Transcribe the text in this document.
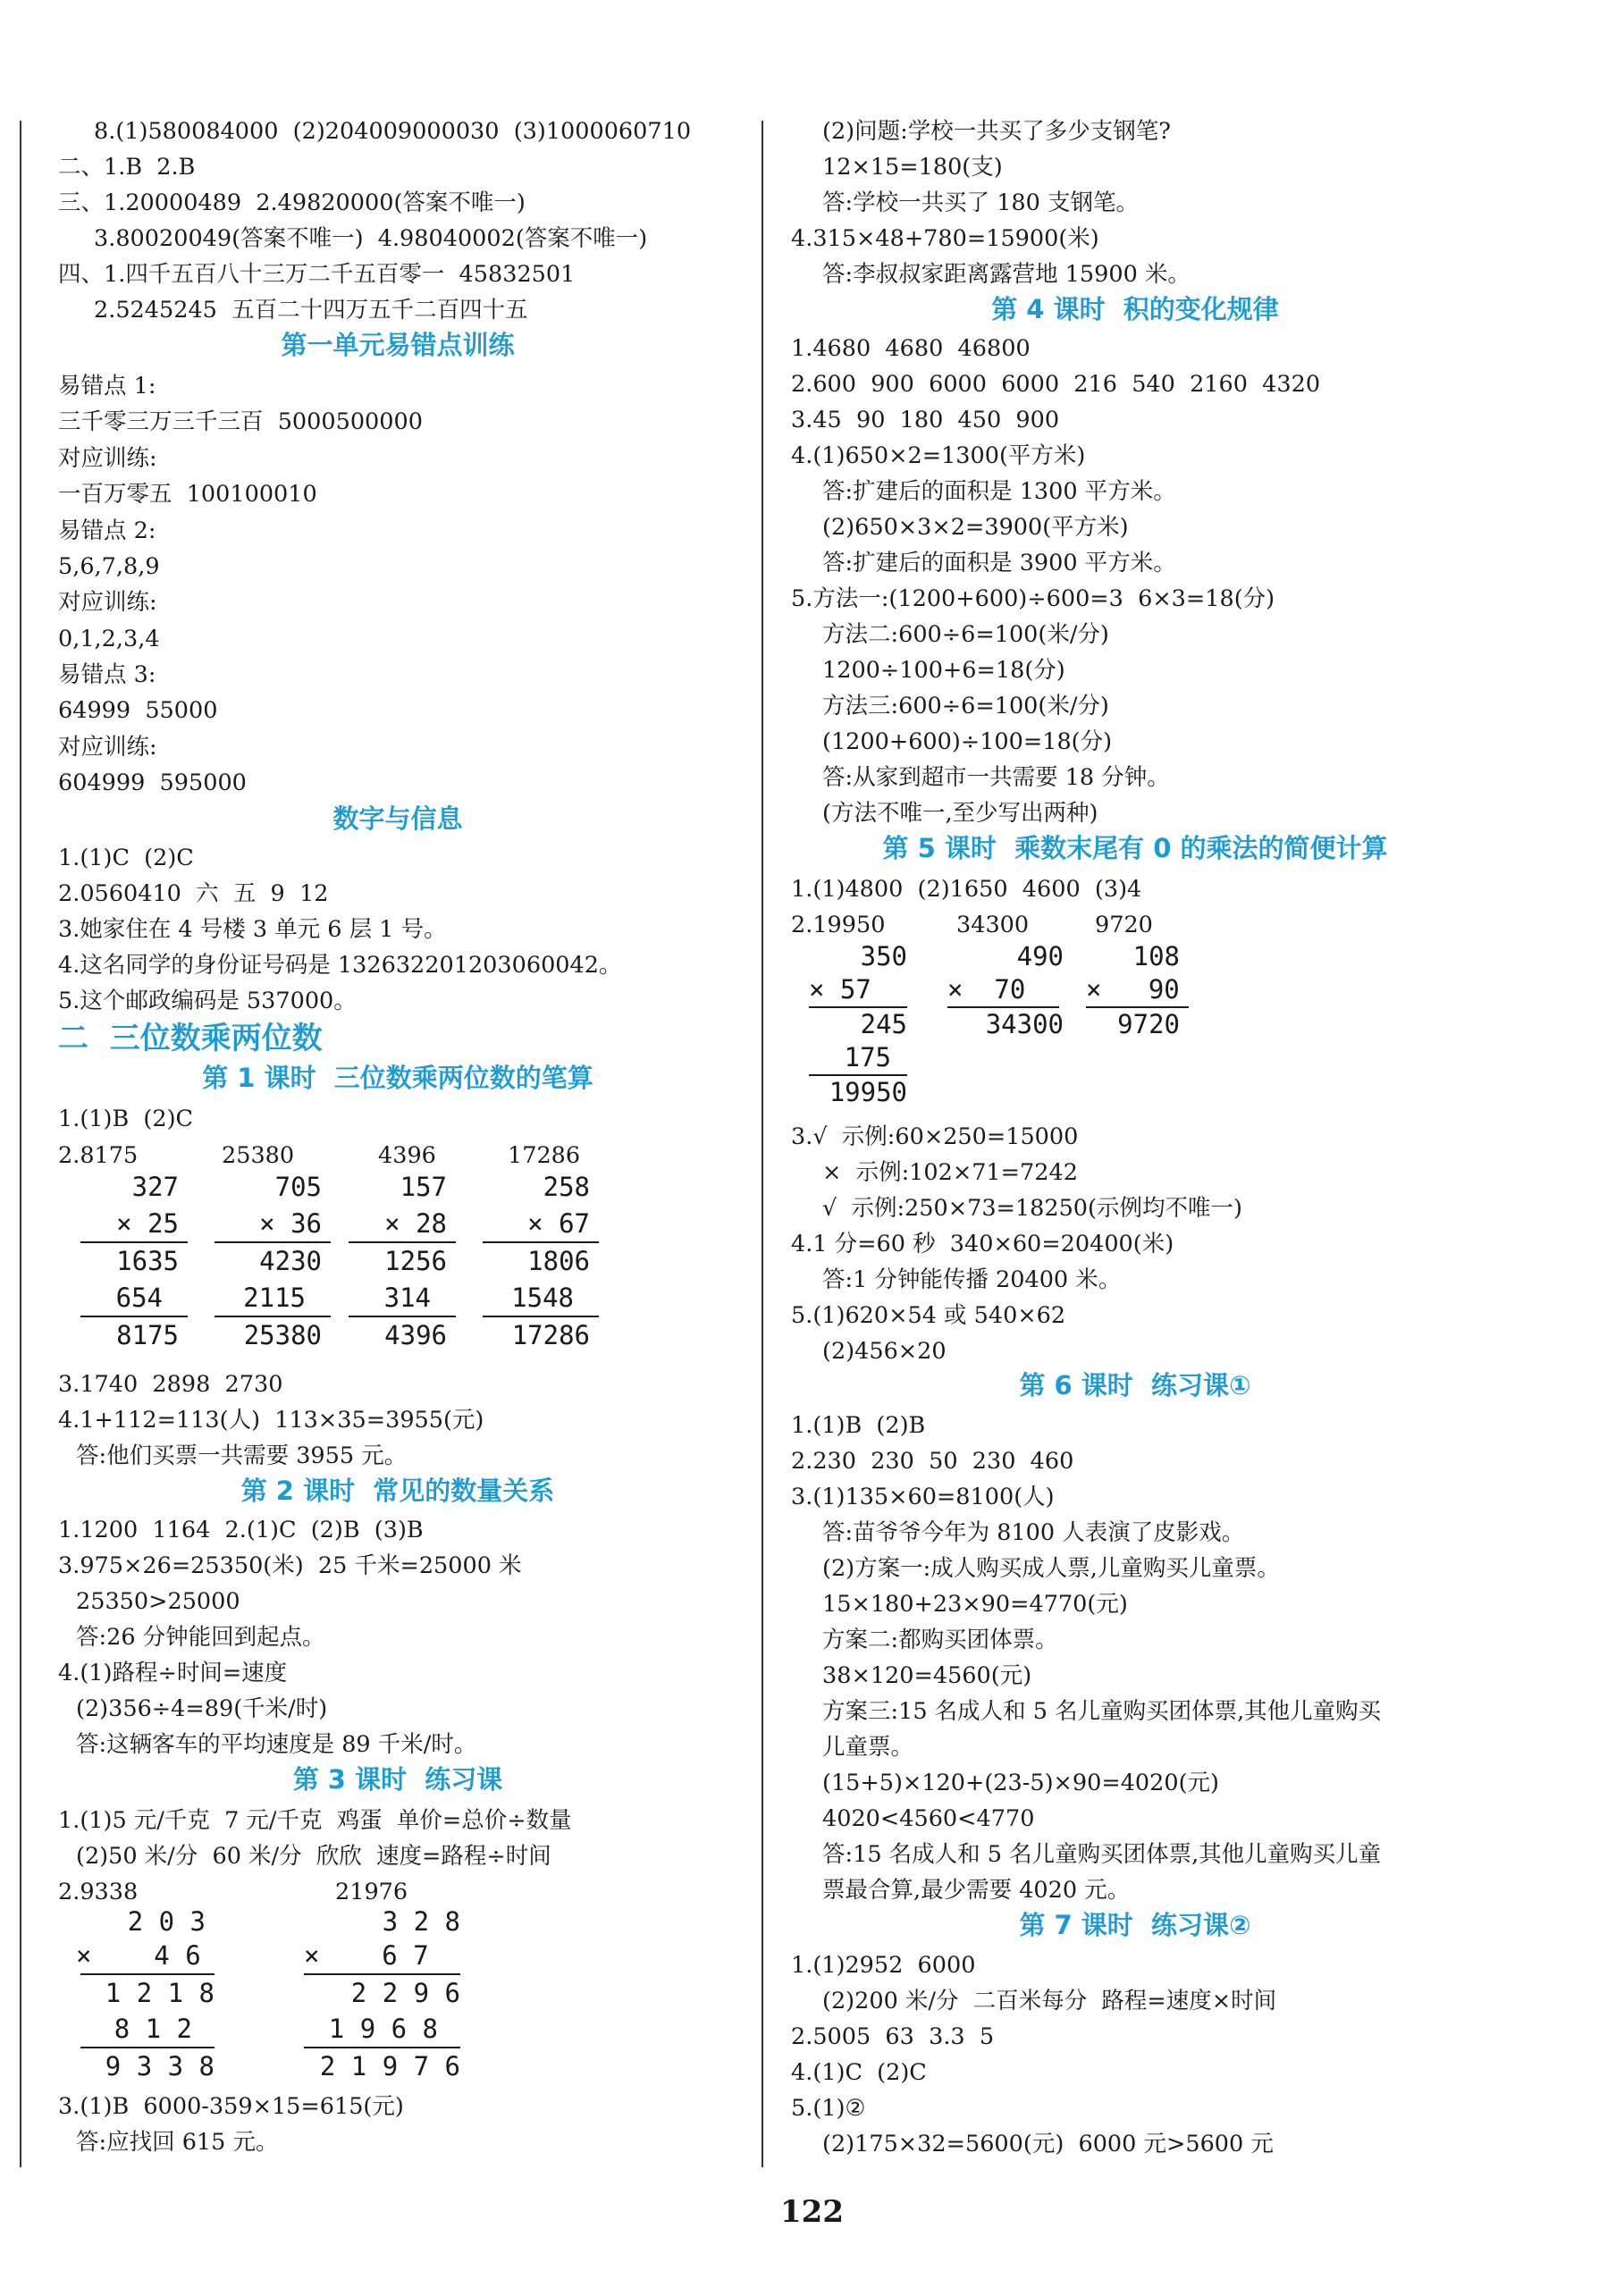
8.(1)580084000  (2)204009000030  (3)1000060710
二、1.B  2.B
三、1.20000489  2.49820000(答案不唯一)
3.80020049(答案不唯一)  4.98040002(答案不唯一)
四、1.四千五百八十三万二千五百零一  45832501
2.5245245  五百二十四万五千二百四十五
第一单元易错点训练
易错点 1:
三千零三万三千三百  5000500000
对应训练:
一百万零五  100100010
易错点 2:
5,6,7,8,9
对应训练:
0,1,2,3,4
易错点 3:
64999  55000
对应训练:
604999  595000
数字与信息
1.(1)C  (2)C
2.0560410  六  五  9  12
3.她家住在 4 号楼 3 单元 6 层 1 号。
4.这名同学的身份证号码是 132632201203060042。
5.这个邮政编码是 537000。
二  三位数乘两位数
第 1 课时  三位数乘两位数的笔算
1.(1)B  (2)C
2.8175	25380	4396	17286
327
× 25
1635
654
8175
705
× 36
4230
2115
25380
157
× 28
1256
314
4396
258
× 67
1806
1548
17286
3.1740  2898  2730
4.1+112=113(人)  113×35=3955(元)
答:他们买票一共需要 3955 元。
第 2 课时  常见的数量关系
1.1200  1164  2.(1)C  (2)B  (3)B
3.975×26=25350(米)  25 千米=25000 米
25350>25000
答:26 分钟能回到起点。
4.(1)路程÷时间=速度
(2)356÷4=89(千米/时)
答:这辆客车的平均速度是 89 千米/时。
第 3 课时  练习课
1.(1)5 元/千克  7 元/千克  鸡蛋  单价=总价÷数量
(2)50 米/分  60 米/分  欣欣  速度=路程÷时间
2.9338	21976
2 0 3
×    4 6
1 2 1 8
8 1 2
9 3 3 8
3 2 8
×    6 7
2 2 9 6
1 9 6 8
2 1 9 7 6
3.(1)B  6000-359×15=615(元)
答:应找回 615 元。
(2)问题:学校一共买了多少支钢笔?
12×15=180(支)
答:学校一共买了 180 支钢笔。
4.315×48+780=15900(米)
答:李叔叔家距离露营地 15900 米。
第 4 课时  积的变化规律
1.4680  4680  46800
2.600  900  6000  6000  216  540  2160  4320
3.45  90  180  450  900
4.(1)650×2=1300(平方米)
答:扩建后的面积是 1300 平方米。
(2)650×3×2=3900(平方米)
答:扩建后的面积是 3900 平方米。
5.方法一:(1200+600)÷600=3  6×3=18(分)
方法二:600÷6=100(米/分)
1200÷100+6=18(分)
方法三:600÷6=100(米/分)
(1200+600)÷100=18(分)
答:从家到超市一共需要 18 分钟。
(方法不唯一,至少写出两种)
第 5 课时  乘数末尾有 0 的乘法的简便计算
1.(1)4800  (2)1650  4600  (3)4
2.19950	34300	9720
350
× 57
245
175
19950
490
×  70
34300
108
×   90
9720
3.√  示例:60×250=15000
×  示例:102×71=7242
√  示例:250×73=18250(示例均不唯一)
4.1 分=60 秒  340×60=20400(米)
答:1 分钟能传播 20400 米。
5.(1)620×54 或 540×62
(2)456×20
第 6 课时  练习课①
1.(1)B  (2)B
2.230  230  50  230  460
3.(1)135×60=8100(人)
答:苗爷爷今年为 8100 人表演了皮影戏。
(2)方案一:成人购买成人票,儿童购买儿童票。
15×180+23×90=4770(元)
方案二:都购买团体票。
38×120=4560(元)
方案三:15 名成人和 5 名儿童购买团体票,其他儿童购买
儿童票。
(15+5)×120+(23-5)×90=4020(元)
4020<4560<4770
答:15 名成人和 5 名儿童购买团体票,其他儿童购买儿童
票最合算,最少需要 4020 元。
第 7 课时  练习课②
1.(1)2952  6000
(2)200 米/分  二百米每分  路程=速度×时间
2.5005  63  3.3  5
4.(1)C  (2)C
5.(1)②
(2)175×32=5600(元)  6000 元>5600 元
122
